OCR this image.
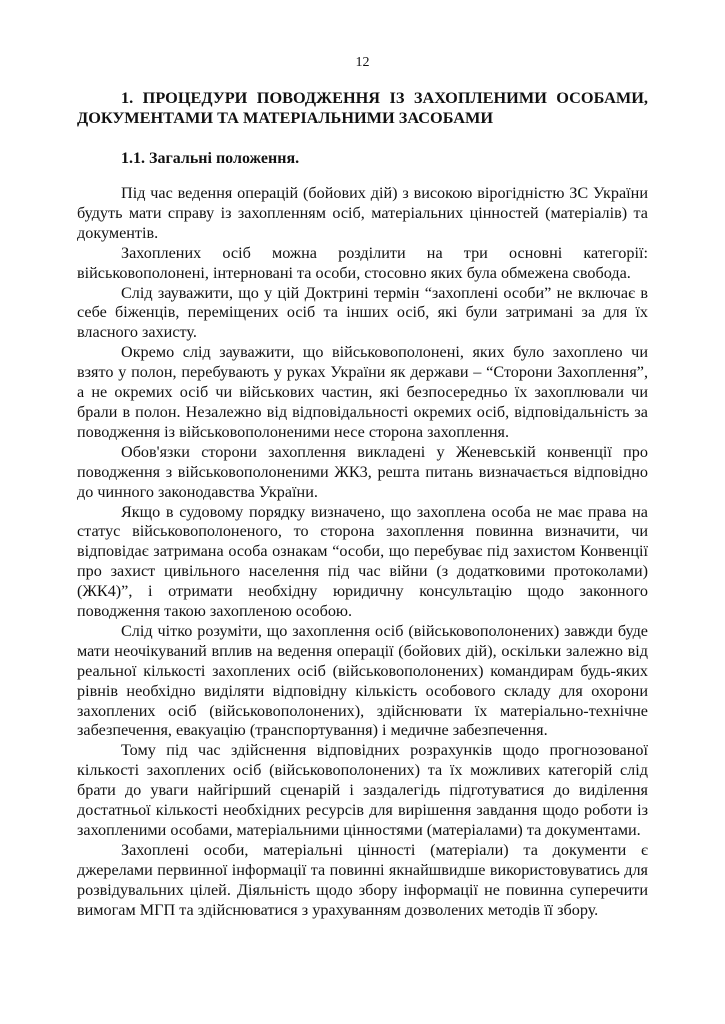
12
1. ПРОЦЕДУРИ ПОВОДЖЕННЯ ІЗ ЗАХОПЛЕНИМИ ОСОБАМИ, ДОКУМЕНТАМИ ТА МАТЕРІАЛЬНИМИ ЗАСОБАМИ
1.1. Загальні положення.

Під час ведення операцій (бойових дій) з високою вірогідністю ЗС України будуть мати справу із захопленням осіб, матеріальних цінностей (матеріалів) та документів.

Захоплених осіб можна розділити на три основні категорії: військовополонені, інтерновані та особи, стосовно яких була обмежена свобода.

Слід зауважити, що у цій Доктрині термін “захоплені особи” не включає в себе біженців, переміщених осіб та інших осіб, які були затримані за для їх власного захисту.

Окремо слід зауважити, що військовополонені, яких було захоплено чи взято у полон, перебувають у руках України як держави – “Сторони Захоплення”, а не окремих осіб чи військових частин, які безпосередньо їх захоплювали чи брали в полон. Незалежно від відповідальності окремих осіб, відповідальність за поводження із військовополоненими несе сторона захоплення.

Обов'язки сторони захоплення викладені у Женевській конвенції про поводження з військовополоненими ЖК3, решта питань визначається відповідно до чинного законодавства України.

Якщо в судовому порядку визначено, що захоплена особа не має права на статус військовополоненого, то сторона захоплення повинна визначити, чи відповідає затримана особа ознакам “особи, що перебуває під захистом Конвенції про захист цивільного населення під час війни (з додатковими протоколами) (ЖК4)”, і отримати необхідну юридичну консультацію щодо законного поводження такою захопленою особою.

Слід чітко розуміти, що захоплення осіб (військовополонених) завжди буде мати неочікуваний вплив на ведення операції (бойових дій), оскільки залежно від реальної кількості захоплених осіб (військовополонених) командирам будь-яких рівнів необхідно виділяти відповідну кількість особового складу для охорони захоплених осіб (військовополонених), здійснювати їх матеріально-технічне забезпечення, евакуацію (транспортування) і медичне забезпечення.

Тому під час здійснення відповідних розрахунків щодо прогнозованої кількості захоплених осіб (військовополонених) та їх можливих категорій слід брати до уваги найгірший сценарій і заздалегідь підготуватися до виділення достатньої кількості необхідних ресурсів для вирішення завдання щодо роботи із захопленими особами, матеріальними цінностями (матеріалами) та документами.

Захоплені особи, матеріальні цінності (матеріали) та документи є джерелами первинної інформації та повинні якнайшвидше використовуватись для розвідувальних цілей. Діяльність щодо збору інформації не повинна суперечити вимогам МГП та здійснюватися з урахуванням дозволених методів її збору.
